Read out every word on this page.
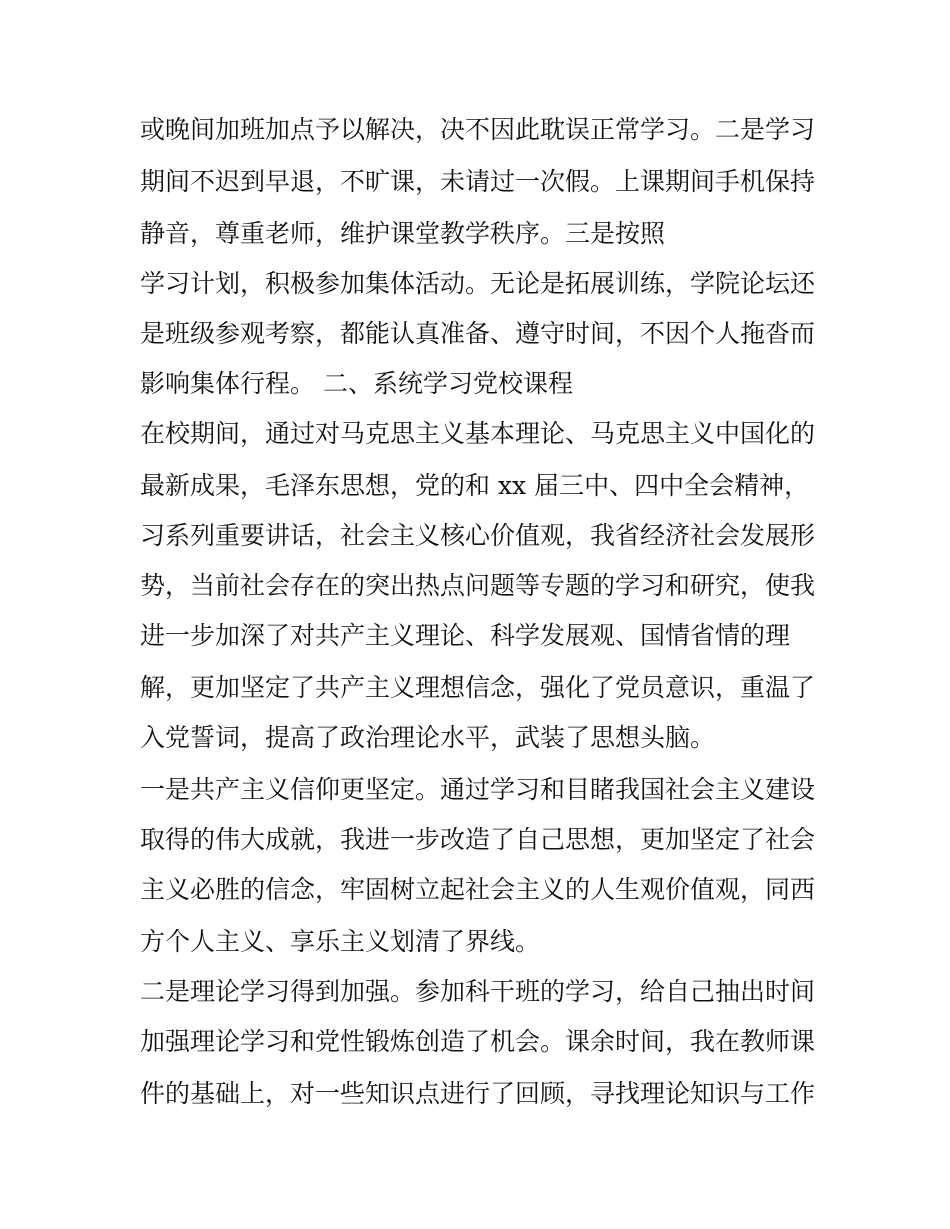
或晚间加班加点予以解决，决不因此耽误正常学习。二是学习
期间不迟到早退，不旷课，未请过一次假。上课期间手机保持
静音，尊重老师，维护课堂教学秩序。三是按照
学习计划，积极参加集体活动。无论是拓展训练，学院论坛还
是班级参观考察，都能认真准备、遵守时间，不因个人拖沓而
影响集体行程。 二、系统学习党校课程
在校期间，通过对马克思主义基本理论、马克思主义中国化的
最新成果，毛泽东思想，党的和 xx 届三中、四中全会精神，
习系列重要讲话，社会主义核心价值观，我省经济社会发展形
势，当前社会存在的突出热点问题等专题的学习和研究，使我
进一步加深了对共产主义理论、科学发展观、国情省情的理
解，更加坚定了共产主义理想信念，强化了党员意识，重温了
入党誓词，提高了政治理论水平，武装了思想头脑。
一是共产主义信仰更坚定。通过学习和目睹我国社会主义建设
取得的伟大成就，我进一步改造了自己思想，更加坚定了社会
主义必胜的信念，牢固树立起社会主义的人生观价值观，同西
方个人主义、享乐主义划清了界线。
二是理论学习得到加强。参加科干班的学习，给自己抽出时间
加强理论学习和党性锻炼创造了机会。课余时间，我在教师课
件的基础上，对一些知识点进行了回顾，寻找理论知识与工作
